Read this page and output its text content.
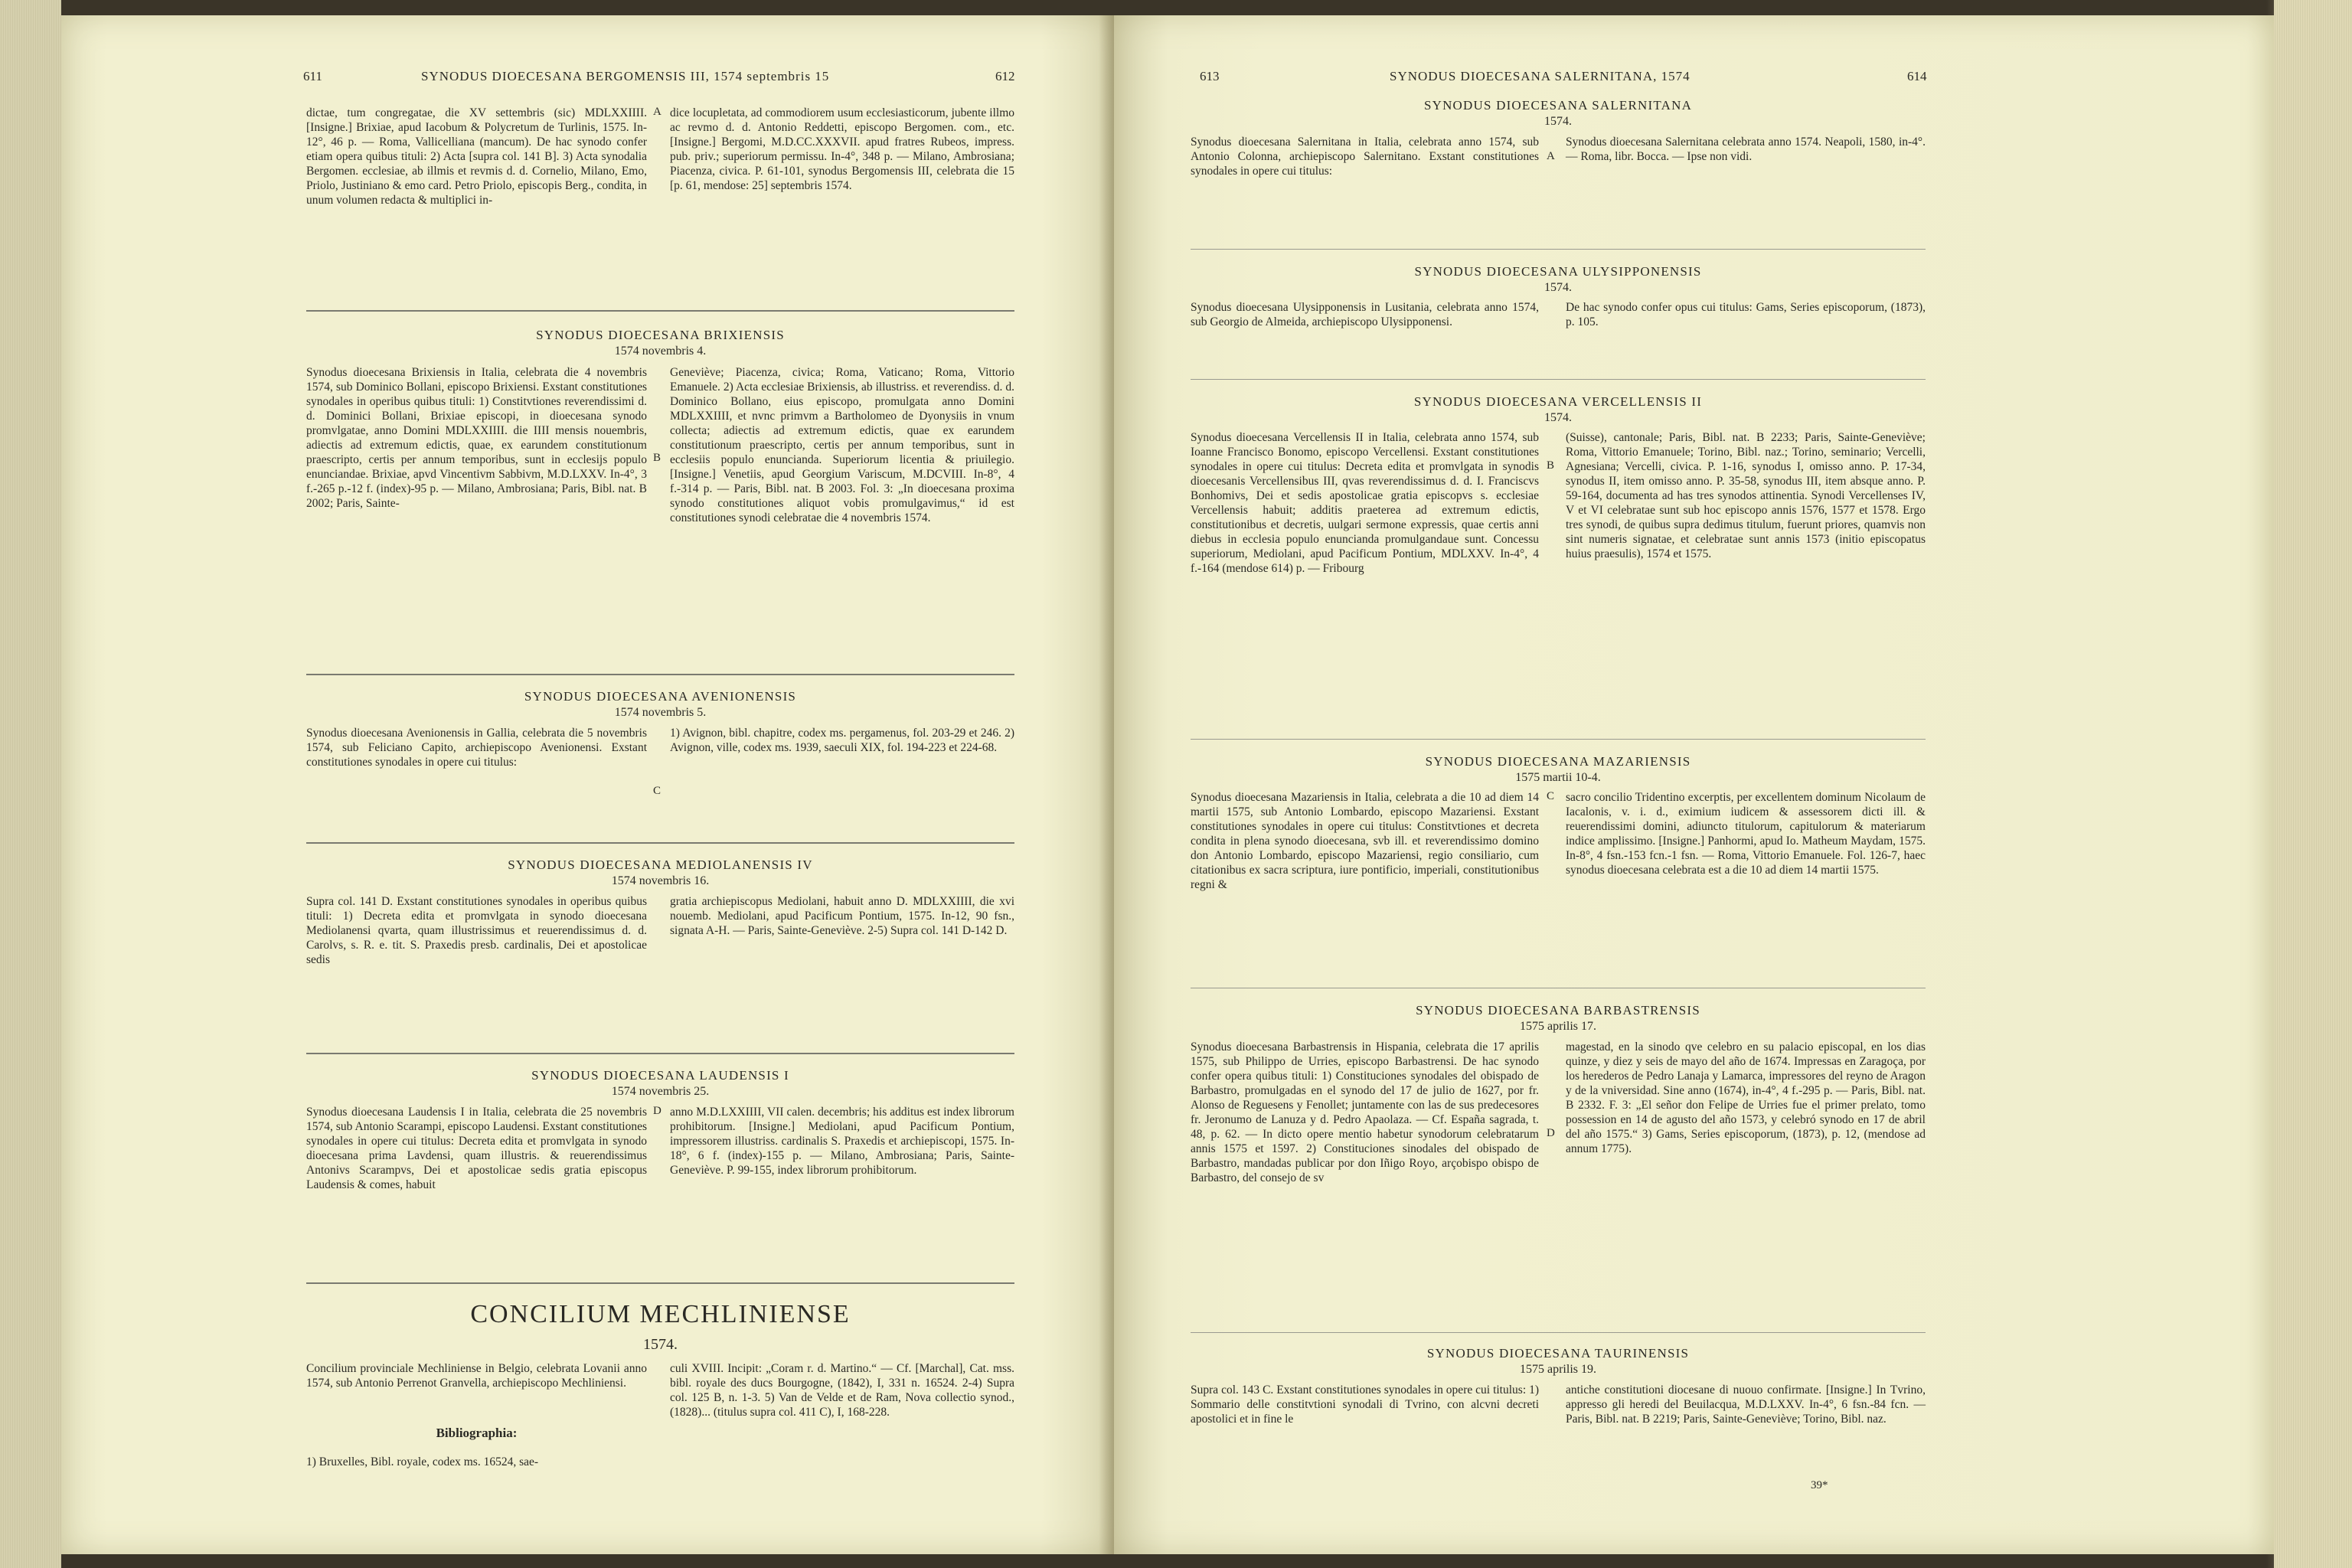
611	SYNODUS DIOECESANA BERGOMENSIS III, 1574 septembris 15	612
dictae, tum congregatae, die XV settembris (sic) MDLXXIIII. [Insigne.] Brixiae, apud Iacobum & Polycretum de Turlinis, 1575. In-12°, 46 p. — Roma, Vallicelliana (mancum). De hac synodo confer etiam opera quibus tituli: 2) Acta [supra col. 141 B]. 3) Acta synodalia Bergomen. ecclesiae, ab illmis et revmis d. d. Cornelio, Milano, Emo, Priolo, Justiniano & emo card. Petro Priolo, episcopis Berg., condita, in unum volumen redacta & multiplici in-
A dice locupletata, ad commodiorem usum ecclesiasticorum, jubente illmo ac revmo d. d. Antonio Reddetti, episcopo Bergomen. com., etc. [Insigne.] Bergomi, M.D.CC.XXXVII. apud fratres Rubeos, impress. pub. priv.; superiorum permissu. In-4°, 348 p. — Milano, Ambrosiana; Piacenza, civica. P. 61-101, synodus Bergomensis III, celebrata die 15 [p. 61, mendose: 25] septembris 1574.
SYNODUS DIOECESANA BRIXIENSIS
1574 novembris 4.
Synodus dioecesana Brixiensis in Italia, celebrata die 4 novembris 1574, sub Dominico Bollani, episcopo Brixiensi. Exstant constitutiones synodales in operibus quibus tituli: 1) Constitvtiones reverendissimi d. d. Dominici Bollani, Brixiae episcopi, in dioecesana synodo promvlgatae, anno Domini MDLXXIIII. die IIII mensis nouembris, adiectis ad extremum edictis, quae, ex earundem constitutionum praescripto, certis per annum temporibus, sunt in ecclesijs populo enunciandae. Brixiae, apvd Vincentivm Sabbivm, M.D.LXXV. In-4°, 3 f.-265 p.-12 f. (index)-95 p. — Milano, Ambrosiana; Paris, Bibl. nat. B 2002; Paris, Sainte-
B
Geneviève; Piacenza, civica; Roma, Vaticano; Roma, Vittorio Emanuele. 2) Acta ecclesiae Brixiensis, ab illustriss. et reverendiss. d. d. Dominico Bollano, eius episcopo, promulgata anno Domini MDLXXIIII, et nvnc primvm a Bartholomeo de Dyonysiis in vnum collecta; adiectis ad extremum edictis, quae ex earundem constitutionum praescripto, certis per annum temporibus, sunt in ecclesiis populo enuncianda. Superiorum licentia & priuilegio. [Insigne.] Venetiis, apud Georgium Variscum, M.DCVIII. In-8°, 4 f.-314 p. — Paris, Bibl. nat. B 2003. Fol. 3: „In dioecesana proxima synodo constitutiones aliquot vobis promulgavimus,“ id est constitutiones synodi celebratae die 4 novembris 1574.
SYNODUS DIOECESANA AVENIONENSIS
1574 novembris 5.
Synodus dioecesana Avenionensis in Gallia, celebrata die 5 novembris 1574, sub Feliciano Capito, archiepiscopo Avenionensi. Exstant constitutiones synodales in opere cui titulus:
C
1) Avignon, bibl. chapitre, codex ms. pergamenus, fol. 203-29 et 246. 2) Avignon, ville, codex ms. 1939, saeculi XIX, fol. 194-223 et 224-68.
SYNODUS DIOECESANA MEDIOLANENSIS IV
1574 novembris 16.
Supra col. 141 D. Exstant constitutiones synodales in operibus quibus tituli: 1) Decreta edita et promvlgata in synodo dioecesana Mediolanensi qvarta, quam illustrissimus et reuerendissimus d. d. Carolvs, s. R. e. tit. S. Praxedis presb. cardinalis, Dei et apostolicae sedis
gratia archiepiscopus Mediolani, habuit anno D. MDLXXIIII, die xvi nouemb. Mediolani, apud Pacificum Pontium, 1575. In-12, 90 fsn., signata A-H. — Paris, Sainte-Geneviève. 2-5) Supra col. 141 D-142 D.
SYNODUS DIOECESANA LAUDENSIS I
1574 novembris 25.
Synodus dioecesana Laudensis I in Italia, celebrata die 25 novembris 1574, sub Antonio Scarampi, episcopo Laudensi. Exstant constitutiones synodales in opere cui titulus: Decreta edita et promvlgata in synodo dioecesana prima Lavdensi, quam illustris. & reuerendissimus Antonivs Scarampvs, Dei et apostolicae sedis gratia episcopus Laudensis & comes, habuit
D anno M.D.LXXIIII, VII calen. decembris; his additus est index librorum prohibitorum. [Insigne.] Mediolani, apud Pacificum Pontium, impressorem illustriss. cardinalis S. Praxedis et archiepiscopi, 1575. In-18°, 6 f. (index)-155 p. — Milano, Ambrosiana; Paris, Sainte-Geneviève. P. 99-155, index librorum prohibitorum.
CONCILIUM MECHLINIENSE
1574.
Concilium provinciale Mechliniense in Belgio, celebrata Lovanii anno 1574, sub Antonio Perrenot Granvella, archiepiscopo Mechliniensi.
Bibliographia:
1) Bruxelles, Bibl. royale, codex ms. 16524, sae-
culi XVIII. Incipit: „Coram r. d. Martino.“ — Cf. [Marchal], Cat. mss. bibl. royale des ducs Bourgogne, (1842), I, 331 n. 16524. 2-4) Supra col. 125 B, n. 1-3. 5) Van de Velde et de Ram, Nova collectio synod., (1828)... (titulus supra col. 411 C), I, 168-228.
613	SYNODUS DIOECESANA SALERNITANA, 1574	614
SYNODUS DIOECESANA SALERNITANA
1574.
Synodus dioecesana Salernitana in Italia, celebrata anno 1574, sub Antonio Colonna, archiepiscopo Salernitano. Exstant constitutiones synodales in opere cui titulus:
A
Synodus dioecesana Salernitana celebrata anno 1574. Neapoli, 1580, in-4°. — Roma, libr. Bocca. — Ipse non vidi.
SYNODUS DIOECESANA ULYSIPPONENSIS
1574.
Synodus dioecesana Ulysipponensis in Lusitania, celebrata anno 1574, sub Georgio de Almeida, archiepiscopo Ulysipponensi.
De hac synodo confer opus cui titulus: Gams, Series episcoporum, (1873), p. 105.
SYNODUS DIOECESANA VERCELLENSIS II
1574.
Synodus dioecesana Vercellensis II in Italia, celebrata anno 1574, sub Ioanne Francisco Bonomo, episcopo Vercellensi. Exstant constitutiones synodales in opere cui titulus: Decreta edita et promvlgata in synodis dioecesanis Vercellensibus III, qvas reverendissimus d. d. I. Franciscvs Bonhomivs, Dei et sedis apostolicae gratia episcopvs s. ecclesiae Vercellensis habuit; additis praeterea ad extremum edictis, constitutionibus et decretis, uulgari sermone expressis, quae certis anni diebus in ecclesia populo enuncianda promulgandaue sunt. Concessu superiorum, Mediolani, apud Pacificum Pontium, MDLXXV. In-4°, 4 f.-164 (mendose 614) p. — Fribourg
B
(Suisse), cantonale; Paris, Bibl. nat. B 2233; Paris, Sainte-Geneviève; Roma, Vittorio Emanuele; Torino, Bibl. naz.; Torino, seminario; Vercelli, Agnesiana; Vercelli, civica. P. 1-16, synodus I, omisso anno. P. 17-34, synodus II, item omisso anno. P. 35-58, synodus III, item absque anno. P. 59-164, documenta ad has tres synodos attinentia. Synodi Vercellenses IV, V et VI celebratae sunt sub hoc episcopo annis 1576, 1577 et 1578. Ergo tres synodi, de quibus supra dedimus titulum, fuerunt priores, quamvis non sint numeris signatae, et celebratae sunt annis 1573 (initio episcopatus huius praesulis), 1574 et 1575.
SYNODUS DIOECESANA MAZARIENSIS
1575 martii 10-4.
Synodus dioecesana Mazariensis in Italia, celebrata a die 10 ad diem 14 martii 1575, sub Antonio Lombardo, episcopo Mazariensi. Exstant constitutiones synodales in opere cui titulus: Constitvtiones et decreta condita in plena synodo dioecesana, svb ill. et reverendissimo domino don Antonio Lombardo, episcopo Mazariensi, regio consiliario, cum citationibus ex sacra scriptura, iure pontificio, imperiali, constitutionibus regni &
C sacro concilio Tridentino excerptis, per excellentem dominum Nicolaum de Iacalonis, v. i. d., eximium iudicem & assessorem dicti ill. & reuerendissimi domini, adiuncto titulorum, capitulorum & materiarum indice amplissimo. [Insigne.] Panhormi, apud Io. Matheum Maydam, 1575. In-8°, 4 fsn.-153 fcn.-1 fsn. — Roma, Vittorio Emanuele. Fol. 126-7, haec synodus dioecesana celebrata est a die 10 ad diem 14 martii 1575.
SYNODUS DIOECESANA BARBASTRENSIS
1575 aprilis 17.
Synodus dioecesana Barbastrensis in Hispania, celebrata die 17 aprilis 1575, sub Philippo de Urries, episcopo Barbastrensi. De hac synodo confer opera quibus tituli: 1) Constituciones synodales del obispado de Barbastro, promulgadas en el synodo del 17 de julio de 1627, por fr. Alonso de Reguesens y Fenollet; juntamente con las de sus predecesores fr. Jeronumo de Lanuza y d. Pedro Apaolaza. — Cf. España sagrada, t. 48, p. 62. — In dicto opere mentio habetur synodorum celebratarum annis 1575 et 1597. 2) Constituciones sinodales del obispado de Barbastro, mandadas publicar por don Iñigo Royo, arçobispo obispo de Barbastro, del consejo de sv
D
magestad, en la sinodo qve celebro en su palacio episcopal, en los dias quinze, y diez y seis de mayo del año de 1674. Impressas en Zaragoça, por los herederos de Pedro Lanaja y Lamarca, impressores del reyno de Aragon y de la vniversidad. Sine anno (1674), in-4°, 4 f.-295 p. — Paris, Bibl. nat. B 2332. F. 3: „El señor don Felipe de Urries fue el primer prelato, tomo possession en 14 de agusto del año 1573, y celebró synodo en 17 de abril del año 1575.“ 3) Gams, Series episcoporum, (1873), p. 12, (mendose ad annum 1775).
SYNODUS DIOECESANA TAURINENSIS
1575 aprilis 19.
Supra col. 143 C. Exstant constitutiones synodales in opere cui titulus: 1) Sommario delle constitvtioni synodali di Tvrino, con alcvni decreti apostolici et in fine le
antiche constitutioni diocesane di nuouo confirmate. [Insigne.] In Tvrino, appresso gli heredi del Beuilacqua, M.D.LXXV. In-4°, 6 fsn.-84 fcn. — Paris, Bibl. nat. B 2219; Paris, Sainte-Geneviève; Torino, Bibl. naz.
39*
